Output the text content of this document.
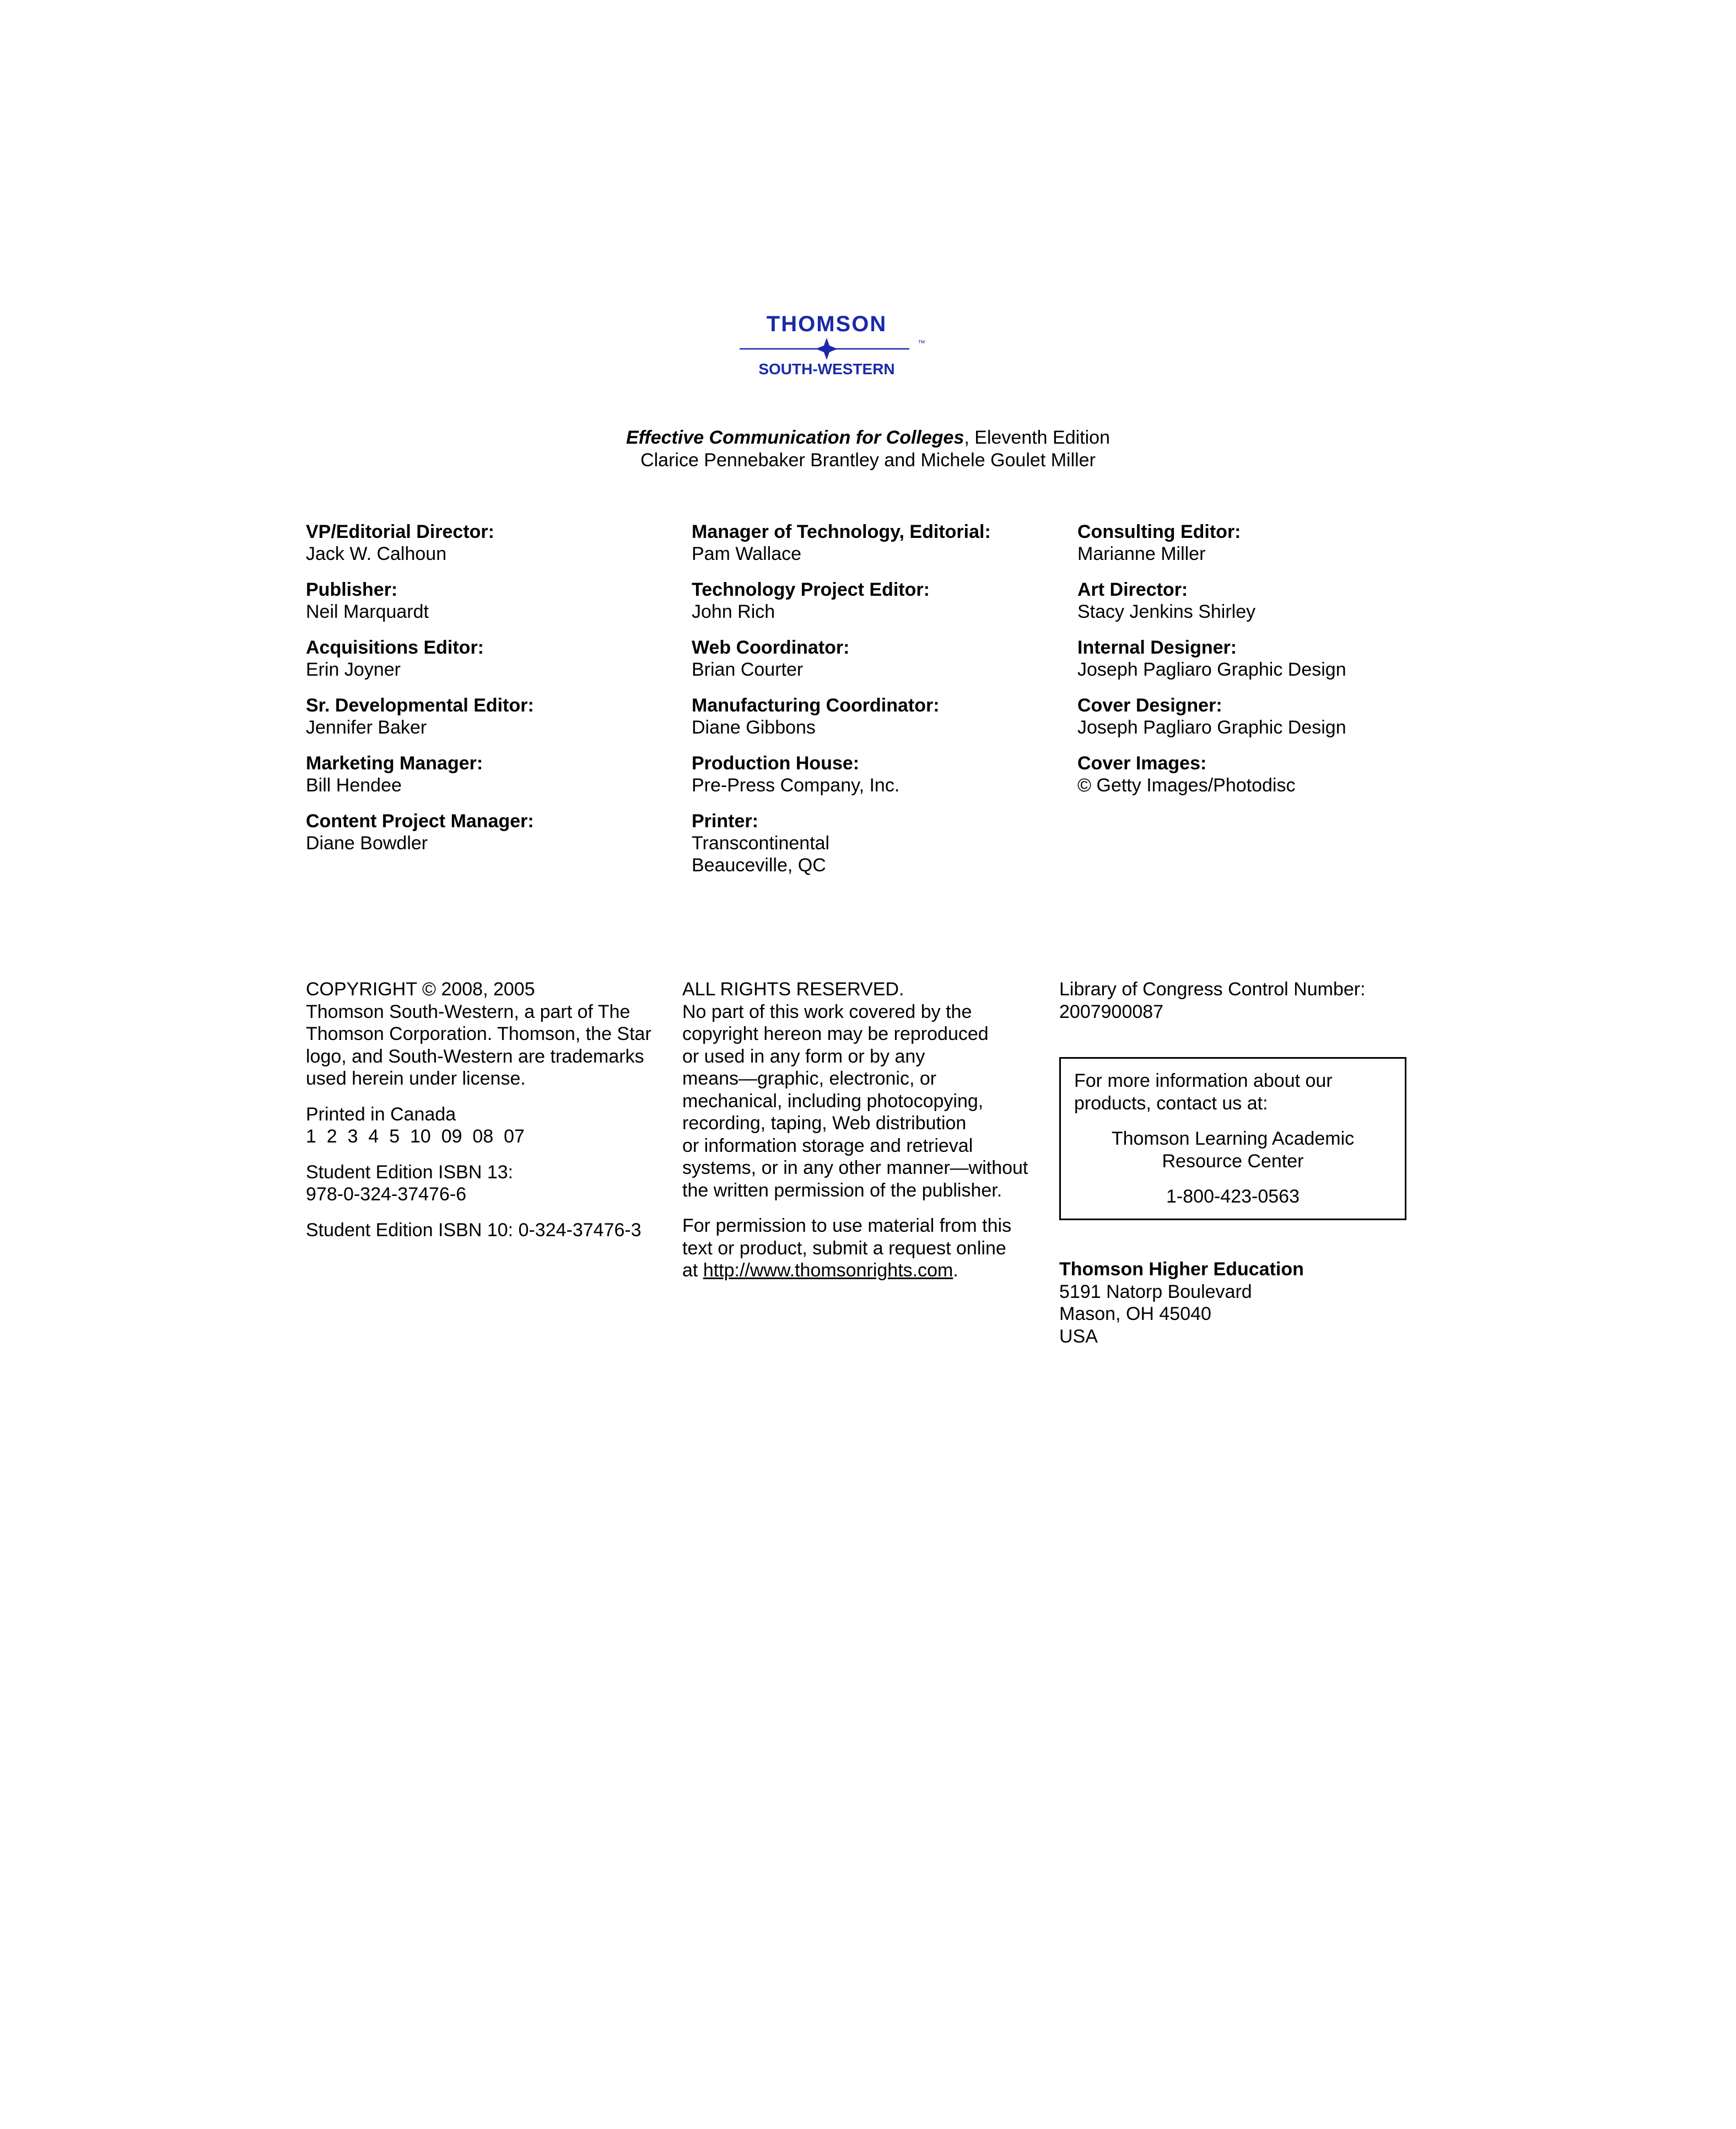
THOMSON
™
SOUTH-WESTERN
Effective Communication for Colleges, Eleventh Edition
Clarice Pennebaker Brantley and Michele Goulet Miller
VP/Editorial Director:
Jack W. Calhoun
Publisher:
Neil Marquardt
Acquisitions Editor:
Erin Joyner
Sr. Developmental Editor:
Jennifer Baker
Marketing Manager:
Bill Hendee
Content Project Manager:
Diane Bowdler
Manager of Technology, Editorial:
Pam Wallace
Technology Project Editor:
John Rich
Web Coordinator:
Brian Courter
Manufacturing Coordinator:
Diane Gibbons
Production House:
Pre-Press Company, Inc.
Printer:
Transcontinental
Beauceville, QC
Consulting Editor:
Marianne Miller
Art Director:
Stacy Jenkins Shirley
Internal Designer:
Joseph Pagliaro Graphic Design
Cover Designer:
Joseph Pagliaro Graphic Design
Cover Images:
© Getty Images/Photodisc

COPYRIGHT © 2008, 2005
Thomson South-Western, a part of The
Thomson Corporation. Thomson, the Star
logo, and South-Western are trademarks
used herein under license.

Printed in Canada
1  2  3  4  5  10  09  08  07

Student Edition ISBN 13:
978-0-324-37476-6

Student Edition ISBN 10: 0-324-37476-3

ALL RIGHTS RESERVED.
No part of this work covered by the
copyright hereon may be reproduced
or used in any form or by any
means—graphic, electronic, or
mechanical, including photocopying,
recording, taping, Web distribution
or information storage and retrieval
systems, or in any other manner—without
the written permission of the publisher.

For permission to use material from this
text or product, submit a request online
at http://www.thomsonrights.com.

Library of Congress Control Number:
2007900087

For more information about our
products, contact us at:

Thomson Learning Academic
Resource Center

1-800-423-0563

Thomson Higher Education
5191 Natorp Boulevard
Mason, OH 45040
USA
